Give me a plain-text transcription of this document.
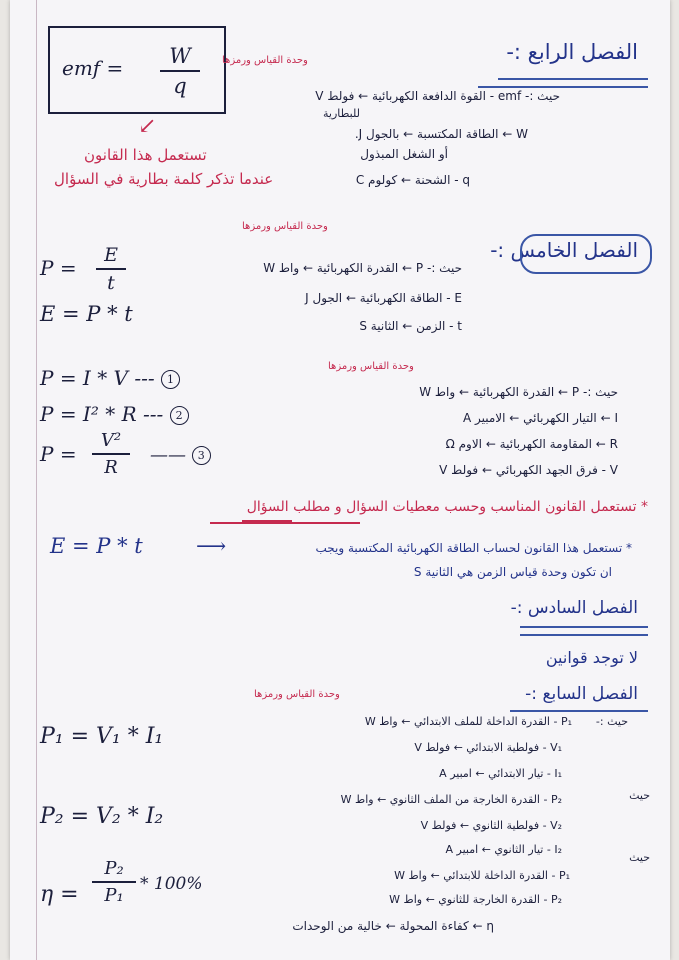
الفصل الرابع :-
emf = W
q
وحدة القياس ورمزها
حيث :- emf - القوة الدافعة الكهربائية ← فولط V
للبطارية
W ← الطاقة المكتسبة ← بالجول J.
أو الشغل المبذول
q - الشحنة ← كولوم C
↙
تستعمل هذا القانون
عندما تذكر كلمة بطارية في السؤال
الفصل الخامس :-
وحدة القياس ورمزها
P =
E
t
E = P * t
حيث :- P ← القدرة الكهربائية ← واط W
E - الطاقة الكهربائية ← الجول J
t - الزمن ← الثانية S
وحدة القياس ورمزها
P = I * V --- 1
P = I² * R --- 2
P =
V²
R
—— 3
حيث :- P ← القدرة الكهربائية ← واط W
I ← التيار الكهربائي ← الامبير A
R ← المقاومة الكهربائية ← الاوم Ω
V - فرق الجهد الكهربائي ← فولط V
* تستعمل القانون المناسب وحسب معطيات السؤال و مطلب السؤال
E = P * t	⟶	* تستعمل هذا القانون لحساب الطاقة الكهربائية المكتسبة ويجب
ان تكون وحدة قياس الزمن هي الثانية S
الفصل السادس :-
لا توجد قوانين
الفصل السابع :-
وحدة القياس ورمزها
P₁ = V₁ * I₁
P₂ = V₂ * I₂
η =
P₂
P₁
* 100%
حيث :-
P₁ - القدرة الداخلة للملف الابتدائي ← واط W
V₁ - فولطية الابتدائي ← فولط V
I₁ - تيار الابتدائي ← امبير A
حيث
P₂ - القدرة الخارجة من الملف الثانوي ← واط W
V₂ - فولطية الثانوي ← فولط V
I₂ - تيار الثانوي ← امبير A
حيث
P₁ - القدرة الداخلة للابتدائي ← واط W
P₂ - القدرة الخارجة للثانوي ← واط W
η ← كفاءة المحولة ← خالية من الوحدات
